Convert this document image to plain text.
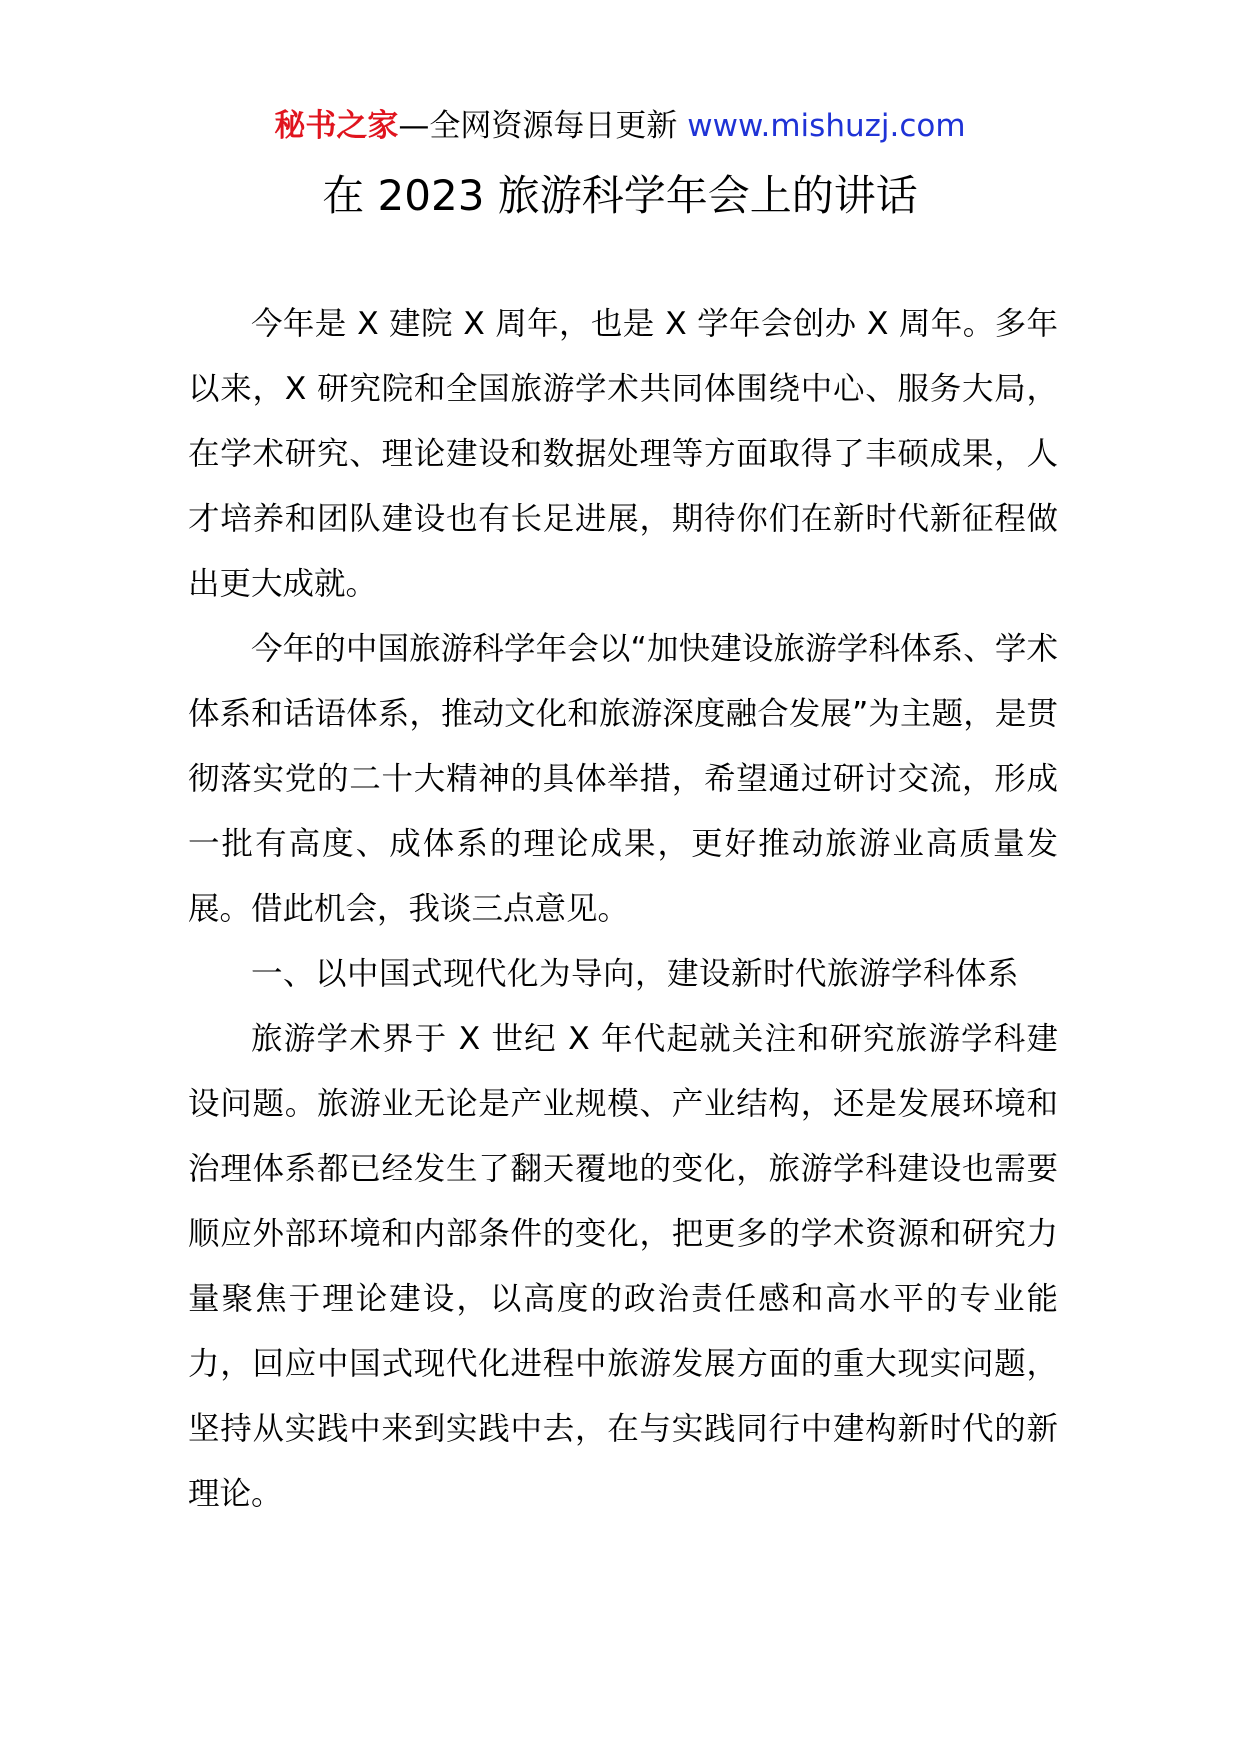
秘书之家—全网资源每日更新 www.mishuzj.com
在 2023 旅游科学年会上的讲话

今年是 X 建院 X 周年，也是 X 学年会创办 X 周年。多年以来，X 研究院和全国旅游学术共同体围绕中心、服务大局，在学术研究、理论建设和数据处理等方面取得了丰硕成果，人才培养和团队建设也有长足进展，期待你们在新时代新征程做出更大成就。

今年的中国旅游科学年会以“加快建设旅游学科体系、学术体系和话语体系，推动文化和旅游深度融合发展”为主题，是贯彻落实党的二十大精神的具体举措，希望通过研讨交流，形成一批有高度、成体系的理论成果，更好推动旅游业高质量发展。借此机会，我谈三点意见。

一、以中国式现代化为导向，建设新时代旅游学科体系

旅游学术界于 X 世纪 X 年代起就关注和研究旅游学科建设问题。旅游业无论是产业规模、产业结构，还是发展环境和治理体系都已经发生了翻天覆地的变化，旅游学科建设也需要顺应外部环境和内部条件的变化，把更多的学术资源和研究力量聚焦于理论建设，以高度的政治责任感和高水平的专业能力，回应中国式现代化进程中旅游发展方面的重大现实问题，坚持从实践中来到实践中去，在与实践同行中建构新时代的新理论。
